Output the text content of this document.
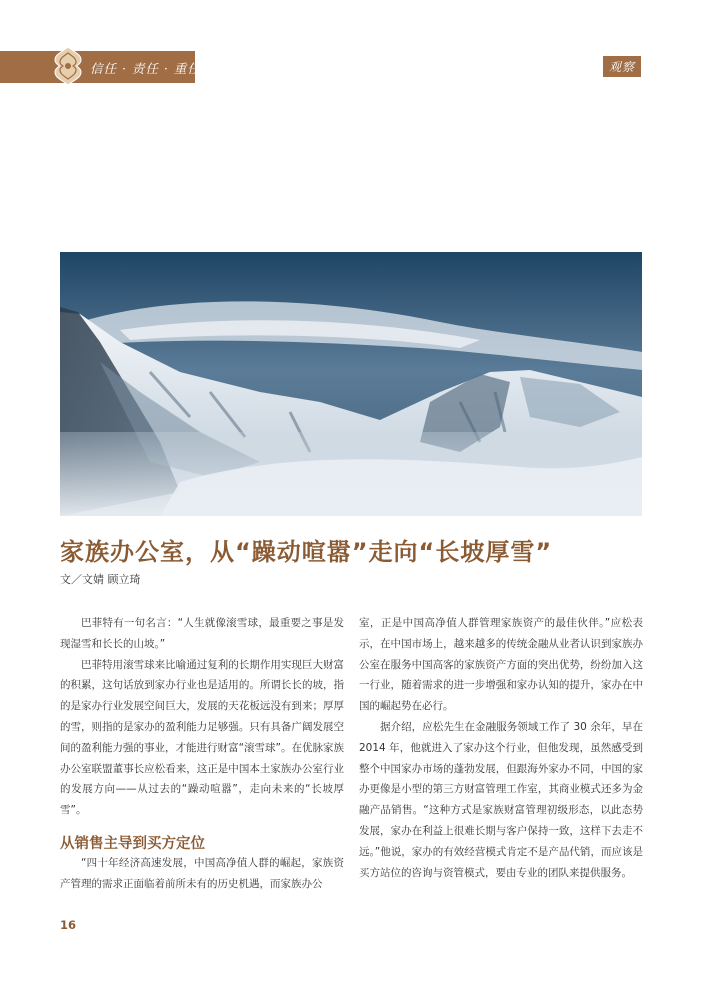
信任 · 责任 · 重任	观察
家族办公室，从“躁动喧嚣”走向“长坡厚雪”
文／文婧 顾立琦

巴菲特有一句名言：“人生就像滚雪球，最重要之事是发现湿雪和长长的山坡。”

巴菲特用滚雪球来比喻通过复利的长期作用实现巨大财富的积累，这句话放到家办行业也是适用的。所谓长长的坡，指的是家办行业发展空间巨大，发展的天花板远没有到来；厚厚的雪，则指的是家办的盈利能力足够强。只有具备广阔发展空间的盈利能力强的事业，才能进行财富“滚雪球”。在优脉家族办公室联盟董事长应松看来，这正是中国本土家族办公室行业的发展方向——从过去的“躁动喧嚣”，走向未来的“长坡厚雪”。

从销售主导到买方定位

“四十年经济高速发展，中国高净值人群的崛起，家族资产管理的需求正面临着前所未有的历史机遇，而家族办公

室，正是中国高净值人群管理家族资产的最佳伙伴。”应松表示，在中国市场上，越来越多的传统金融从业者认识到家族办公室在服务中国高客的家族资产方面的突出优势，纷纷加入这一行业，随着需求的进一步增强和家办认知的提升，家办在中国的崛起势在必行。

据介绍，应松先生在金融服务领域工作了 30 余年，早在 2014 年，他就进入了家办这个行业，但他发现，虽然感受到整个中国家办市场的蓬勃发展，但跟海外家办不同，中国的家办更像是小型的第三方财富管理工作室，其商业模式还多为金融产品销售。“这种方式是家族财富管理初级形态，以此态势发展，家办在利益上很难长期与客户保持一致，这样下去走不远。”他说，家办的有效经营模式肯定不是产品代销，而应该是买方站位的咨询与资管模式，要由专业的团队来提供服务。

16
